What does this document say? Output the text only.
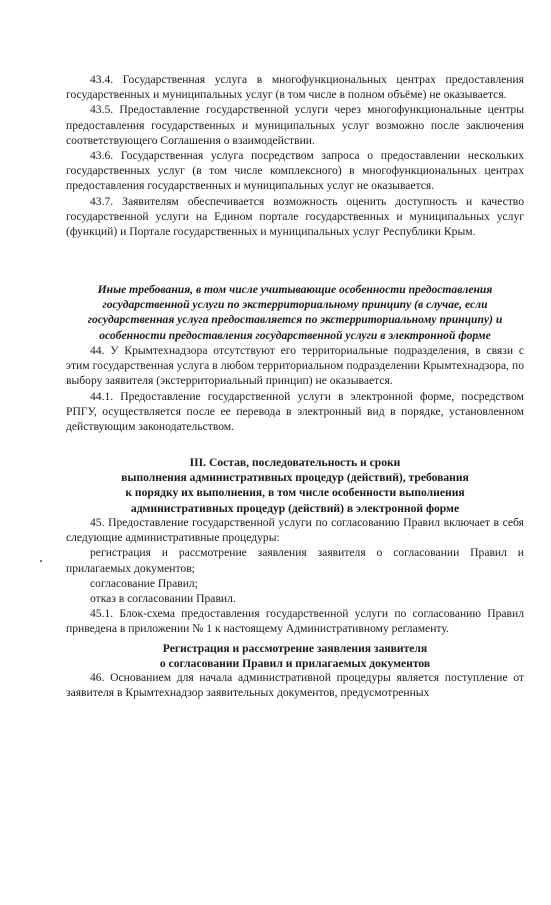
43.4. Государственная услуга в многофункциональных центрах предоставления государственных и муниципальных услуг (в том числе в полном объёме) не оказывается.

43.5. Предоставление государственной услуги через многофункциональные центры предоставления государственных и муниципальных услуг возможно после заключения соответствующего Соглашения о взаимодействии.

43.6. Государственная услуга посредством запроса о предоставлении нескольких государственных услуг (в том числе комплексного) в многофункциональных центрах предоставления государственных и муниципальных услуг не оказывается.

43.7. Заявителям обеспечивается возможность оценить доступность и качество государственной услуги на Едином портале государственных и муниципальных услуг (функций) и Портале государственных и муниципальных услуг Республики Крым.

Иные требования, в том числе учитывающие особенности предоставления государственной услуги по экстерриториальному принципу (в случае, если государственная услуга предоставляется по экстерриториальному принципу) и особенности предоставления государственной услуги в электронной форме

44. У Крымтехнадзора отсутствуют его территориальные подразделения, в связи с этим государственная услуга в любом территориальном подразделении Крымтехнадзора, по выбору заявителя (экстерриториальный принцип) не оказывается.

44.1. Предоставление государственной услуги в электронной форме, посредством РПГУ, осуществляется после ее перевода в электронный вид в порядке, установленном действующим законодательством.

III. Состав, последовательность и сроки

выполнения административных процедур (действий), требования

к порядку их выполнения, в том числе особенности выполнения

административных процедур (действий) в электронной форме

45. Предоставление государственной услуги по согласованию Правил включает в себя следующие административные процедуры:

регистрация и рассмотрение заявления заявителя о согласовании Правил и прилагаемых документов;

согласование Правил;

отказ в согласовании Правил.

45.1. Блок-схема предоставления государственной услуги по согласованию Правил приведена в приложении № 1 к настоящему Административному регламенту.

Регистрация и рассмотрение заявления заявителя

о согласовании Правил и прилагаемых документов

46. Основанием для начала административной процедуры является поступление от заявителя в Крымтехнадзор заявительных документов, предусмотренных
